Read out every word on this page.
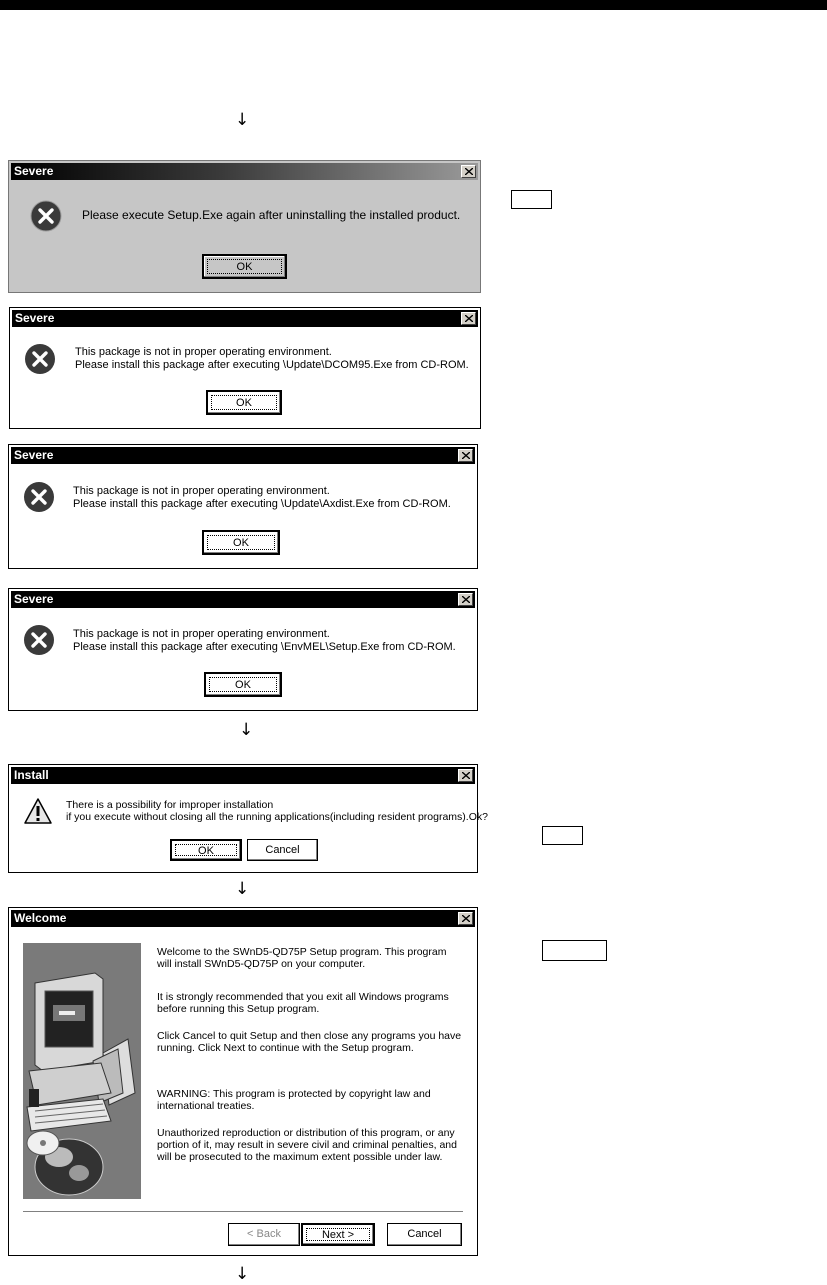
↓
Severe
Please execute Setup.Exe again after uninstalling the installed product.
OK
Severe
This package is not in proper operating environment.
Please install this package after executing \Update\DCOM95.Exe from CD-ROM.
OK
Severe
This package is not in proper operating environment.
Please install this package after executing \Update\Axdist.Exe from CD-ROM.
OK
Severe
This package is not in proper operating environment.
Please install this package after executing \EnvMEL\Setup.Exe from CD-ROM.
OK
↓
Install
There is a possibility for improper installation
if you execute without closing all the running applications(including resident programs).Ok?
OK	Cancel
↓
Welcome
Welcome to the SWnD5-QD75P Setup program. This program
will install SWnD5-QD75P on your computer.
It is strongly recommended that you exit all Windows programs
before running this Setup program.
Click Cancel to quit Setup and then close any programs you have
running. Click Next to continue with the Setup program.
WARNING: This program is protected by copyright law and
international treaties.
Unauthorized reproduction or distribution of this program, or any
portion of it, may result in severe civil and criminal penalties, and
will be prosecuted to the maximum extent possible under law.
< Back	Next >	Cancel
↓
